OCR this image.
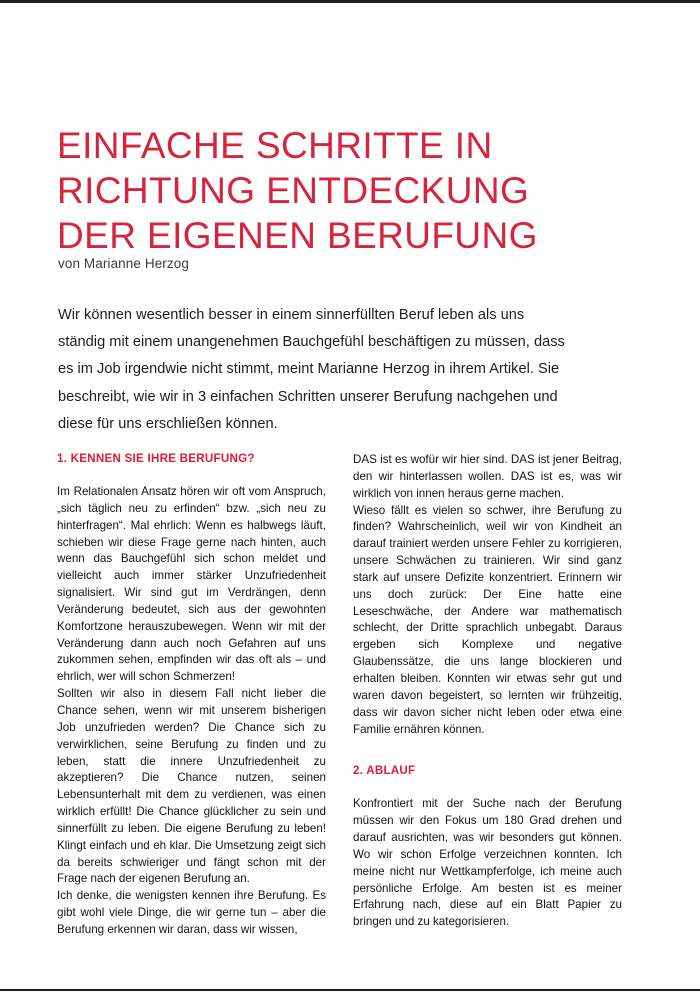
EINFACHE SCHRITTE IN
RICHTUNG ENTDECKUNG
DER EIGENEN BERUFUNG
von Marianne Herzog
Wir können wesentlich besser in einem sinnerfüllten Beruf leben als uns ständig mit einem unangenehmen Bauchgefühl beschäftigen zu müssen, dass es im Job irgendwie nicht stimmt, meint Marianne Herzog in ihrem Artikel. Sie beschreibt, wie wir in 3 einfachen Schritten unserer Berufung nachgehen und diese für uns erschließen können.
1. KENNEN SIE IHRE BERUFUNG?

Im Relationalen Ansatz hören wir oft vom Anspruch, „sich täglich neu zu erfinden“ bzw. „sich neu zu hinterfragen“. Mal ehrlich: Wenn es halbwegs läuft, schieben wir diese Frage gerne nach hinten, auch wenn das Bauchgefühl sich schon meldet und vielleicht auch immer stärker Unzufriedenheit signalisiert. Wir sind gut im Verdrängen, denn Veränderung bedeutet, sich aus der gewohnten Komfortzone herauszubewegen. Wenn wir mit der Veränderung dann auch noch Gefahren auf uns zukommen sehen, empfinden wir das oft als – und ehrlich, wer will schon Schmerzen!
Sollten wir also in diesem Fall nicht lieber die Chance sehen, wenn wir mit unserem bisherigen Job unzufrieden werden? Die Chance sich zu verwirklichen, seine Berufung zu finden und zu leben, statt die innere Unzufriedenheit zu akzeptieren? Die Chance nutzen, seinen Lebensunterhalt mit dem zu verdienen, was einen wirklich erfüllt! Die Chance glücklicher zu sein und sinnerfüllt zu leben. Die eigene Berufung zu leben! Klingt einfach und eh klar. Die Umsetzung zeigt sich da bereits schwieriger und fängt schon mit der Frage nach der eigenen Berufung an.
Ich denke, die wenigsten kennen ihre Berufung. Es gibt wohl viele Dinge, die wir gerne tun – aber die Berufung erkennen wir daran, dass wir wissen,

DAS ist es wofür wir hier sind. DAS ist jener Beitrag, den wir hinterlassen wollen. DAS ist es, was wir wirklich von innen heraus gerne machen.
Wieso fällt es vielen so schwer, ihre Berufung zu finden? Wahrscheinlich, weil wir von Kindheit an darauf trainiert werden unsere Fehler zu korrigieren, unsere Schwächen zu trainieren. Wir sind ganz stark auf unsere Defizite konzentriert. Erinnern wir uns doch zurück: Der Eine hatte eine Leseschwäche, der Andere war mathematisch schlecht, der Dritte sprachlich unbegabt. Daraus ergeben sich Komplexe und negative Glaubenssätze, die uns lange blockieren und erhalten bleiben. Konnten wir etwas sehr gut und waren davon begeistert, so lernten wir frühzeitig, dass wir davon sicher nicht leben oder etwa eine Familie ernähren können.

2. ABLAUF

Konfrontiert mit der Suche nach der Berufung müssen wir den Fokus um 180 Grad drehen und darauf ausrichten, was wir besonders gut können. Wo wir schon Erfolge verzeichnen konnten. Ich meine nicht nur Wettkampferfolge, ich meine auch persönliche Erfolge. Am besten ist es meiner Erfahrung nach, diese auf ein Blatt Papier zu bringen und zu kategorisieren.
